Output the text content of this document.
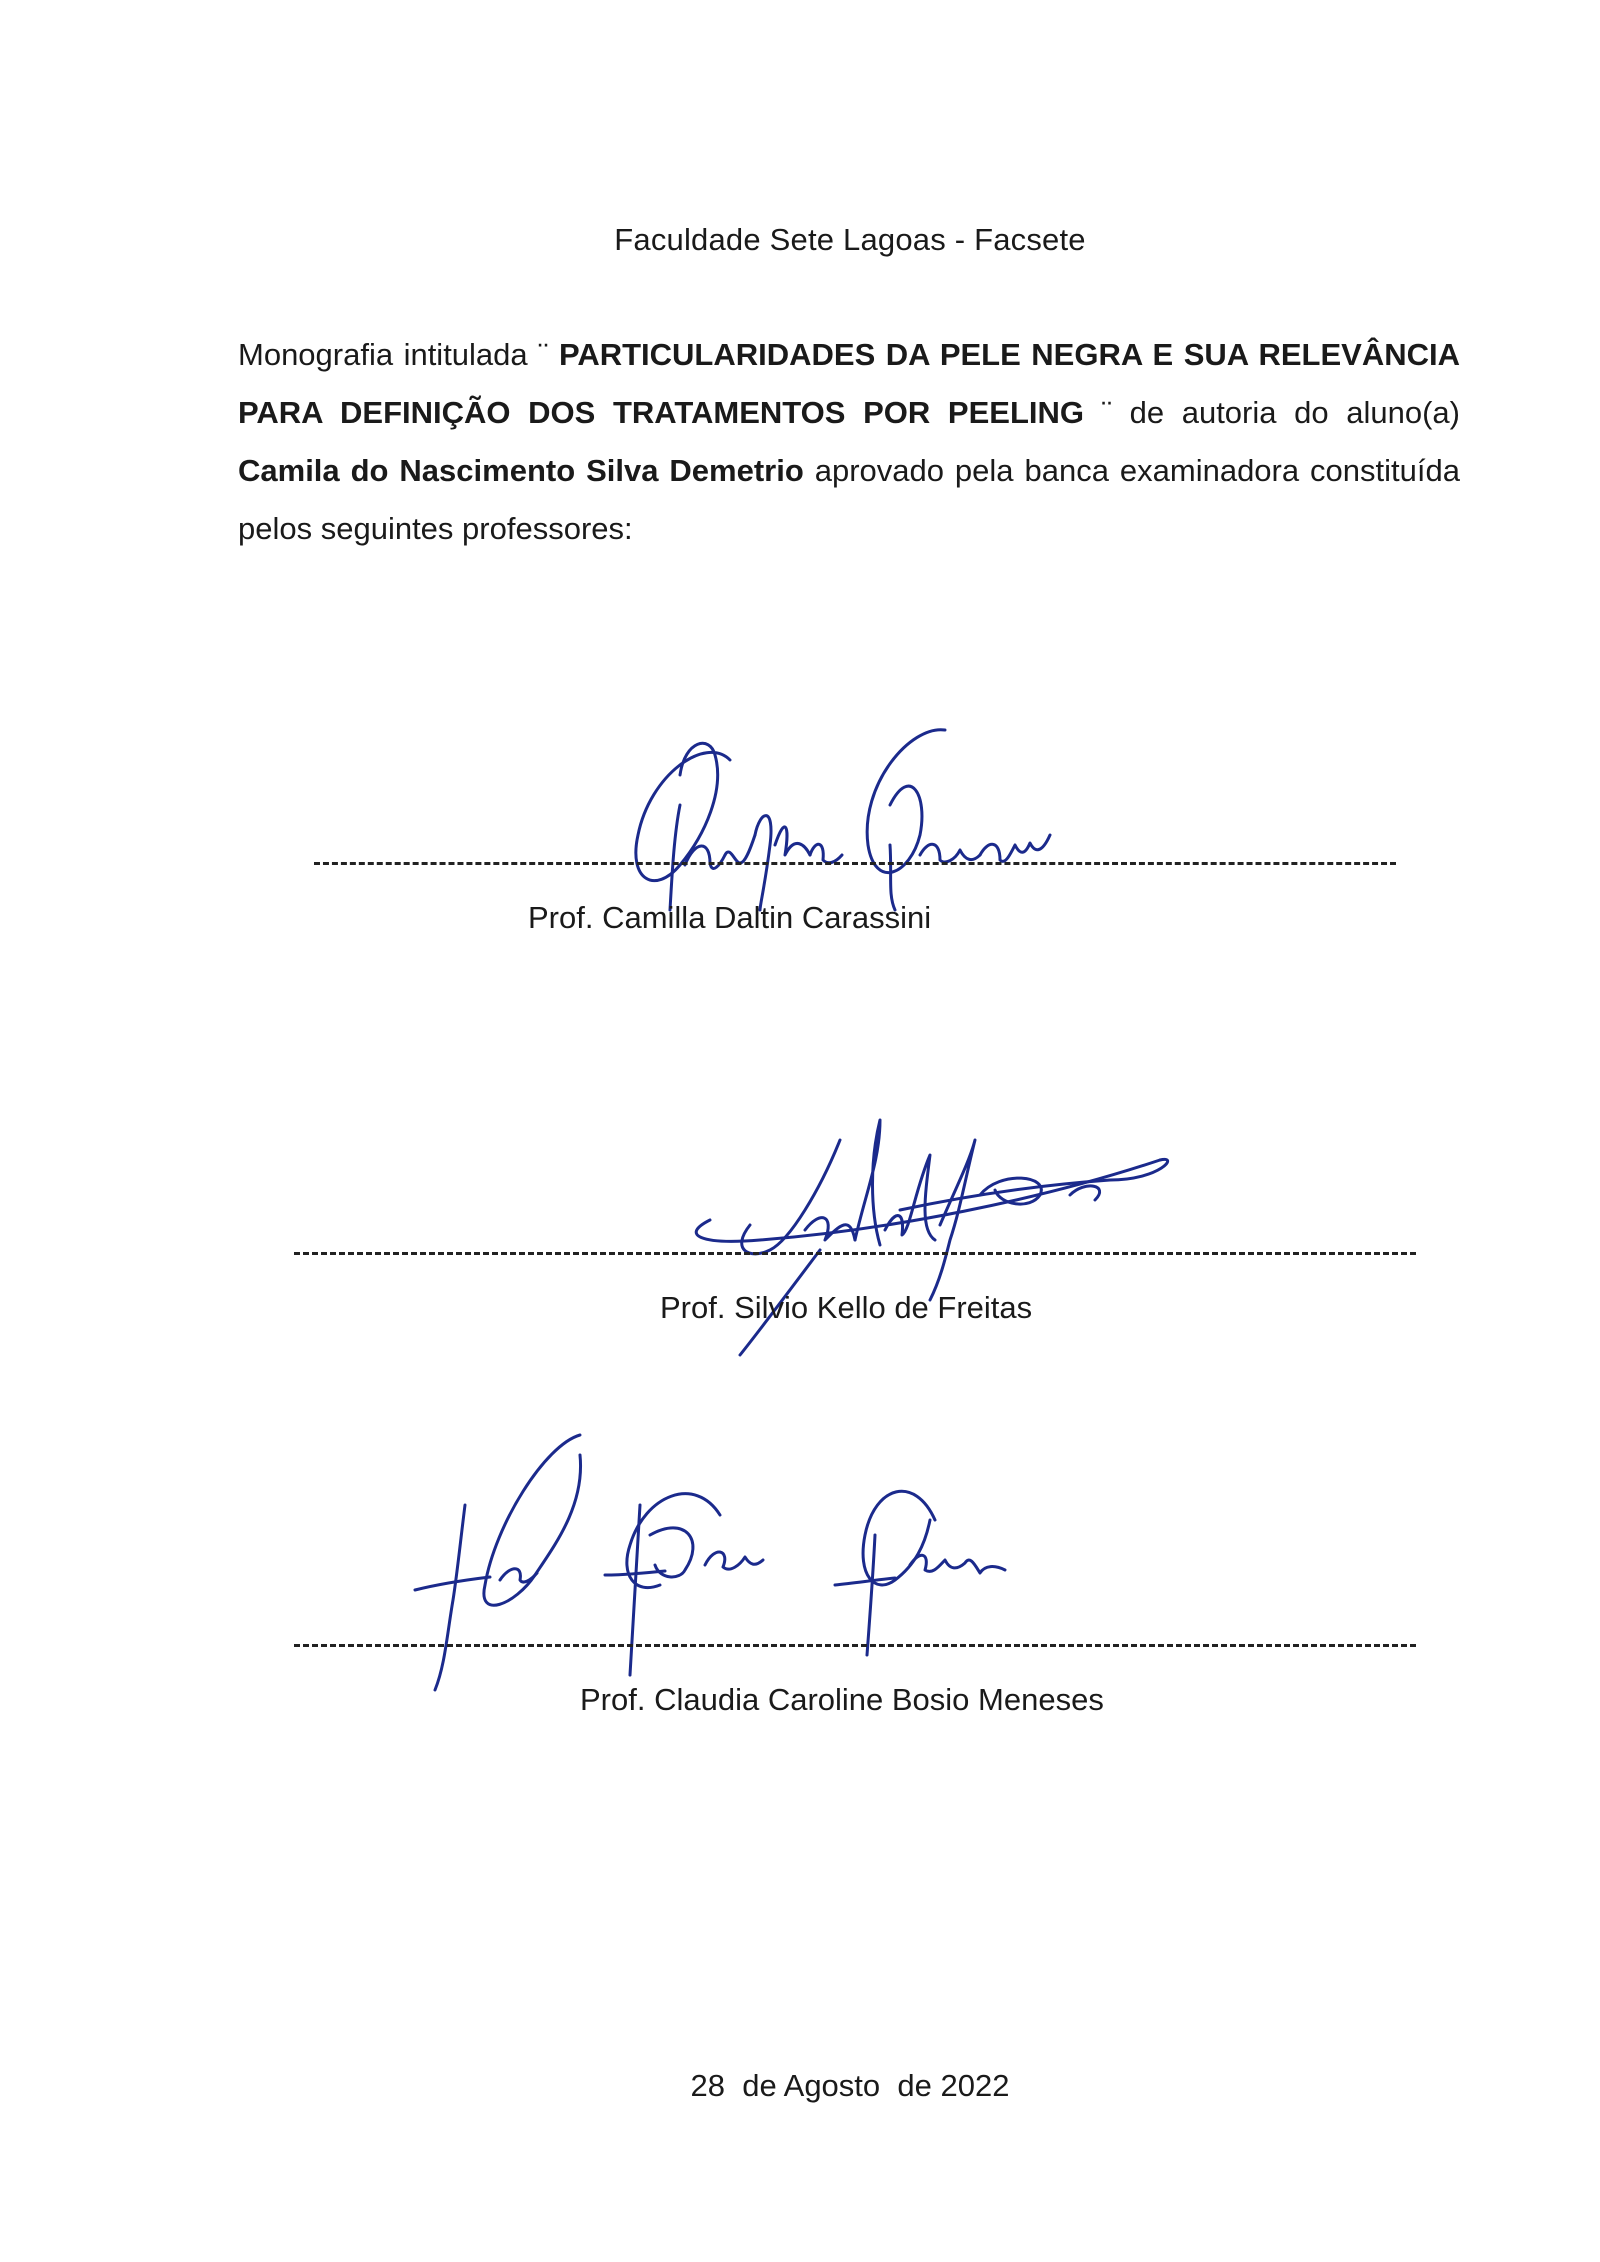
Faculdade Sete Lagoas - Facsete
Monografia intitulada ¨ PARTICULARIDADES DA PELE NEGRA E SUA RELEVÂNCIA PARA DEFINIÇÃO DOS TRATAMENTOS POR PEELING ¨ de autoria do aluno(a) Camila do Nascimento Silva Demetrio aprovado pela banca examinadora constituída pelos seguintes professores:
Prof. Camilla Daltin Carassini
Prof. Silvio Kello de Freitas
Prof. Claudia Caroline Bosio Meneses
28  de Agosto  de 2022
